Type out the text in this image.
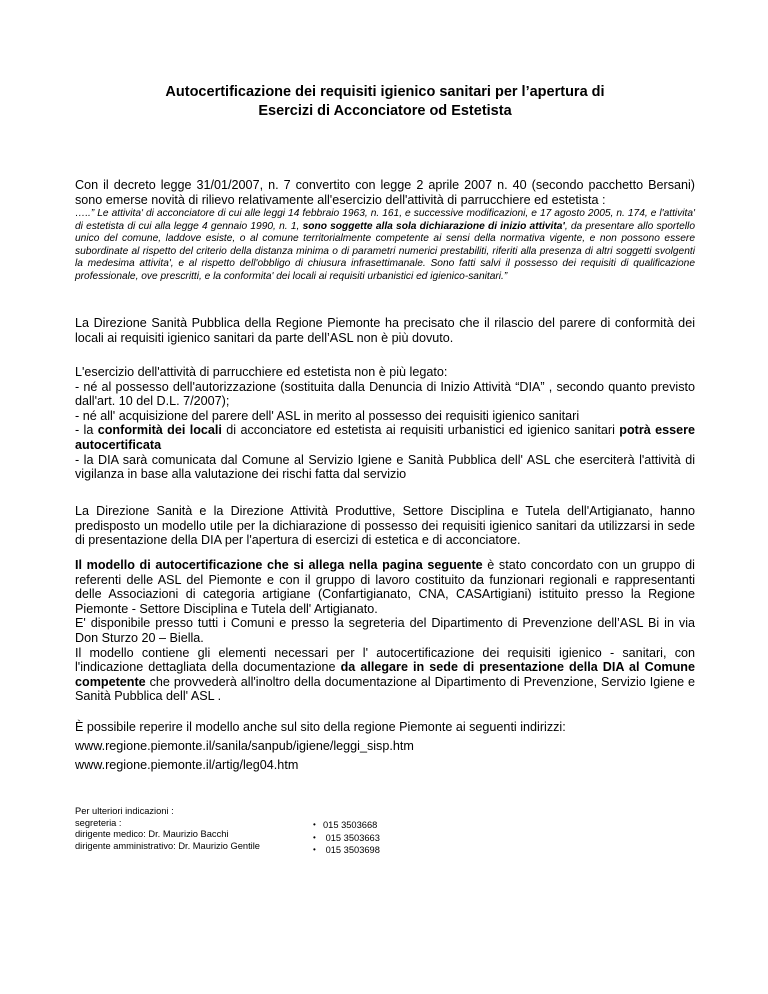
Autocertificazione dei requisiti igienico sanitari per l’apertura di
Esercizi di Acconciatore od Estetista

Con il decreto legge 31/01/2007, n. 7 convertito con legge 2 aprile 2007 n. 40 (secondo pacchetto Bersani) sono emerse novità di rilievo relativamente all'esercizio dell'attività di parrucchiere ed estetista :

…..” Le attivita' di acconciatore di cui alle leggi 14 febbraio 1963, n. 161, e successive modificazioni, e 17 agosto 2005, n. 174, e l'attivita' di estetista di cui alla legge 4 gennaio 1990, n. 1, sono soggette alla sola dichiarazione di inizio attivita', da presentare allo sportello unico del comune, laddove esiste, o al comune territorialmente competente ai sensi della normativa vigente, e non possono essere subordinate al rispetto del criterio della distanza minima o di parametri numerici prestabiliti, riferiti alla presenza di altri soggetti svolgenti la medesima attivita', e al rispetto dell'obbligo di chiusura infrasettimanale. Sono fatti salvi il possesso dei requisiti di qualificazione professionale, ove prescritti, e la conformita' dei locali ai requisiti urbanistici ed igienico-sanitari.”

La Direzione Sanità Pubblica della Regione Piemonte ha precisato che il rilascio del parere di conformità dei locali ai requisiti igienico sanitari da parte dell’ASL non è più dovuto.

L'esercizio dell'attività di parrucchiere ed estetista non è più legato:
- né al possesso dell'autorizzazione (sostituita dalla Denuncia di Inizio Attività “DIA” , secondo quanto previsto dall'art. 10 del D.L. 7/2007);
- né all' acquisizione del parere dell' ASL in merito al possesso dei requisiti igienico sanitari
- la conformità dei locali di acconciatore ed estetista ai requisiti urbanistici ed igienico sanitari potrà essere autocertificata
- la DIA sarà comunicata dal Comune al Servizio Igiene e Sanità Pubblica dell' ASL che eserciterà l'attività di vigilanza in base alla valutazione dei rischi fatta dal servizio

La Direzione Sanità e la Direzione Attività Produttive, Settore Disciplina e Tutela dell'Artigianato, hanno predisposto un modello utile per la dichiarazione di possesso dei requisiti igienico sanitari da utilizzarsi in sede di presentazione della DIA per l'apertura di esercizi di estetica e di acconciatore.

Il modello di autocertificazione che si allega nella pagina seguente è stato concordato con un gruppo di referenti delle ASL del Piemonte e con il gruppo di lavoro costituito da funzionari regionali e rappresentanti delle Associazioni di categoria artigiane (Confartigianato, CNA, CASArtigiani) istituito presso la Regione Piemonte - Settore Disciplina e Tutela dell' Artigianato.
E' disponibile presso tutti i Comuni e presso la segreteria del Dipartimento di Prevenzione dell’ASL Bi in via Don Sturzo 20 – Biella.
Il modello contiene gli elementi necessari per l' autocertificazione dei requisiti igienico - sanitari, con l'indicazione dettagliata della documentazione da allegare in sede di presentazione della DIA al Comune competente che provvederà all'inoltro della documentazione al Dipartimento di Prevenzione, Servizio Igiene e Sanità Pubblica dell' ASL .
È possibile reperire il modello anche sul sito della regione Piemonte ai seguenti indirizzi:
www.regione.piemonte.il/sanila/sanpub/igiene/leggi_sisp.htm
www.regione.piemonte.il/artig/leg04.htm
Per ulteriori indicazioni :
segreteria :
dirigente medico: Dr. Maurizio Bacchi
dirigente amministrativo: Dr. Maurizio Gentile
• 015 3503668
• 015 3503663
• 015 3503698
